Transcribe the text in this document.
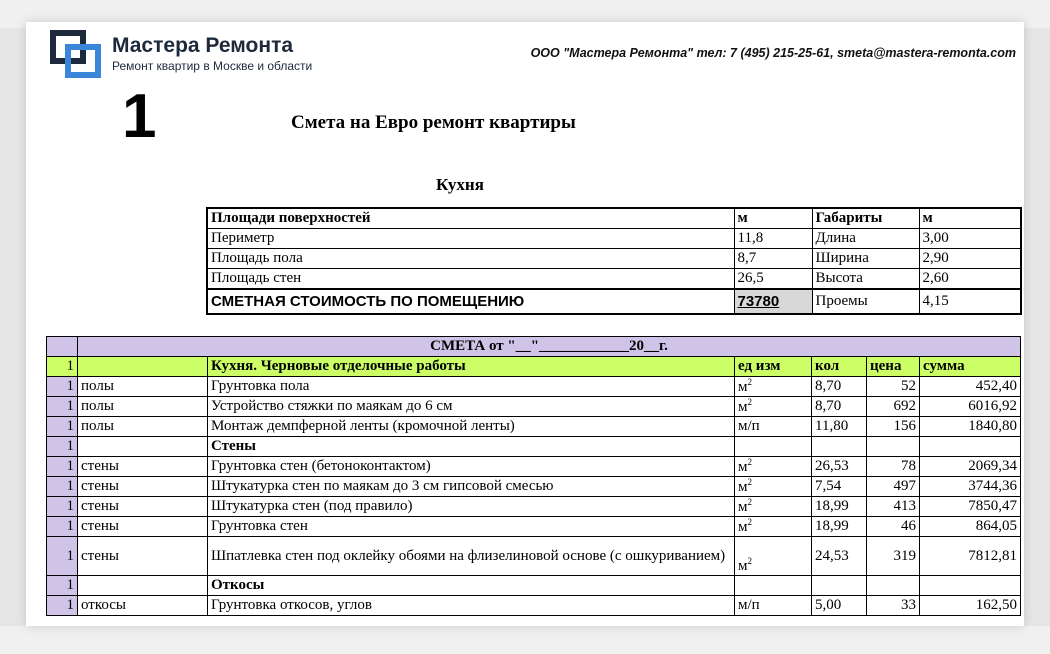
Мастера Ремонта
Ремонт квартир в Москве и области
ООО "Мастера Ремонта" тел: 7 (495) 215-25-61, smeta@mastera-remonta.com
1	Смета на Евро ремонт квартиры
Кухня
Площади поверхностей	м	Габариты	м
Периметр	11,8	Длина	3,00
Площадь пола	8,7	Ширина	2,90
Площадь стен	26,5	Высота	2,60
СМЕТНАЯ СТОИМОСТЬ ПО ПОМЕЩЕНИЮ	73780	Проемы	4,15
	СМЕТА от "__"____________20__г.					
1		Кухня. Черновые отделочные работы	ед изм	кол	цена	сумма
1	полы	Грунтовка пола	$м^2$	8,70	52	452,40
1	полы	Устройство стяжки по маякам до 6 см	$м^2$	8,70	692	6016,92
1	полы	Монтаж демпферной ленты (кромочной ленты)	м/п	11,80	156	1840,80
1		Стены				
1	стены	Грунтовка стен (бетоноконтактом)	$м^2$	26,53	78	2069,34
1	стены	Штукатурка стен по маякам до 3 см гипсовой смесью	$м^2$	7,54	497	3744,36
1	стены	Штукатурка стен (под правило)	$м^2$	18,99	413	7850,47
1	стены	Грунтовка стен	$м^2$	18,99	46	864,05
1	стены	Шпатлевка стен под оклейку обоями на флизелиновой основе (с ошкуриванием)	$м^2$	24,53	319	7812,81
1		Откосы				
1	откосы	Грунтовка откосов, углов	м/п	5,00	33	162,50
